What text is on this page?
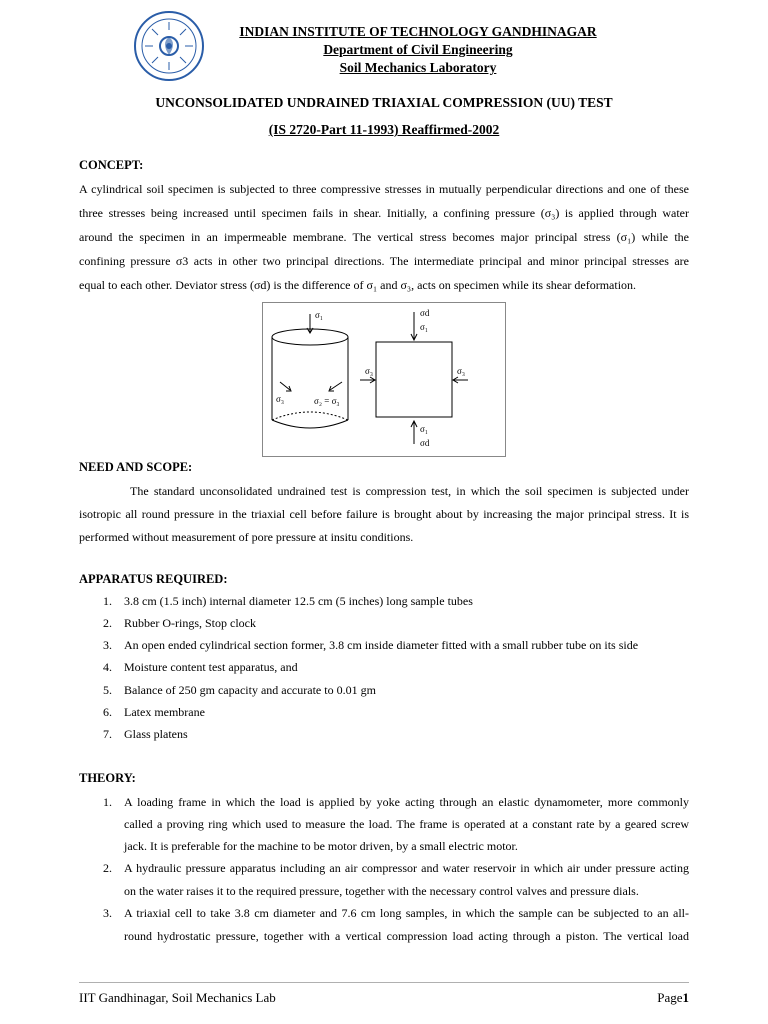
INDIAN INSTITUTE OF TECHNOLOGY GANDHINAGAR
Department of Civil Engineering
Soil Mechanics Laboratory
UNCONSOLIDATED UNDRAINED TRIAXIAL COMPRESSION (UU) TEST
(IS 2720-Part 11-1993) Reaffirmed-2002
CONCEPT:
A cylindrical soil specimen is subjected to three compressive stresses in mutually perpendicular directions and one of these
three stresses being increased until specimen fails in shear. Initially, a confining pressure (σ₃) is applied through water
around the specimen in an impermeable membrane. The vertical stress becomes major principal stress (σ₁) while the
confining pressure σ3 acts in other two principal directions. The intermediate principal and minor principal stresses are
equal to each other. Deviator stress (σd) is the difference of σ₁ and σ₃, acts on specimen while its shear deformation.
σ₁
σ₃	σ₂ = σ₃
σd
σ₁
σ₃	σ₃
σ₁
σd
NEED AND SCOPE:
The standard unconsolidated undrained test is compression test, in which the soil specimen is subjected under
isotropic all round pressure in the triaxial cell before failure is brought about by increasing the major principal stress. It is
performed without measurement of pore pressure at insitu conditions.
APPARATUS REQUIRED:
1. 3.8 cm (1.5 inch) internal diameter 12.5 cm (5 inches) long sample tubes
2. Rubber O-rings, Stop clock
3. An open ended cylindrical section former, 3.8 cm inside diameter fitted with a small rubber tube on its side
4. Moisture content test apparatus, and
5. Balance of 250 gm capacity and accurate to 0.01 gm
6. Latex membrane
7. Glass platens
THEORY:
1. A loading frame in which the load is applied by yoke acting through an elastic dynamometer, more commonly
called a proving ring which used to measure the load. The frame is operated at a constant rate by a geared screw
jack. It is preferable for the machine to be motor driven, by a small electric motor.
2. A hydraulic pressure apparatus including an air compressor and water reservoir in which air under pressure acting
on the water raises it to the required pressure, together with the necessary control valves and pressure dials.
3. A triaxial cell to take 3.8 cm diameter and 7.6 cm long samples, in which the sample can be subjected to an all-
round hydrostatic pressure, together with a vertical compression load acting through a piston. The vertical load
IIT Gandhinagar, Soil Mechanics Lab	Page1
